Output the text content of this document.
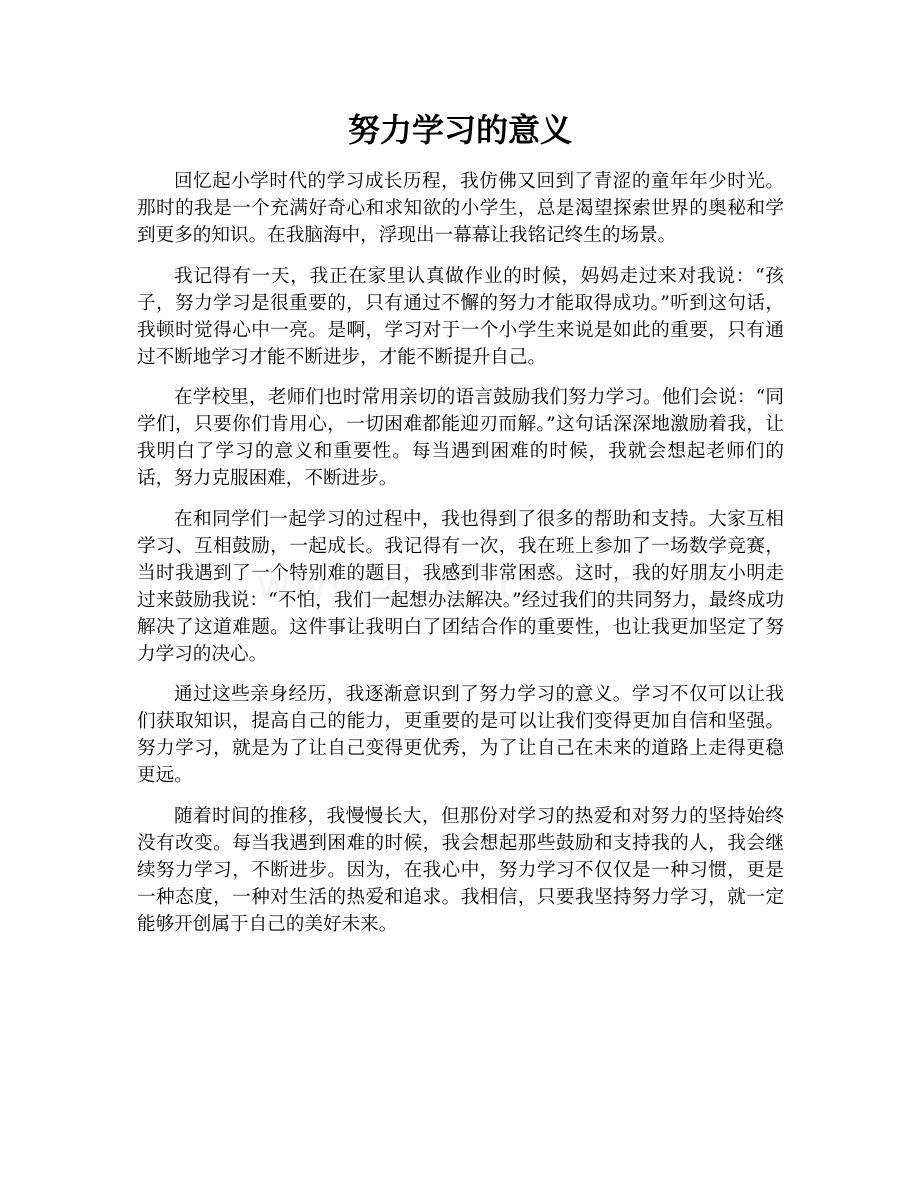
努力学习的意义

回忆起小学时代的学习成长历程，我仿佛又回到了青涩的童年年少时光。那时的我是一个充满好奇心和求知欲的小学生，总是渴望探索世界的奥秘和学到更多的知识。在我脑海中，浮现出一幕幕让我铭记终生的场景。

我记得有一天，我正在家里认真做作业的时候，妈妈走过来对我说：“孩子，努力学习是很重要的，只有通过不懈的努力才能取得成功。”听到这句话，我顿时觉得心中一亮。是啊，学习对于一个小学生来说是如此的重要，只有通过不断地学习才能不断进步，才能不断提升自己。

在学校里，老师们也时常用亲切的语言鼓励我们努力学习。他们会说：“同学们，只要你们肯用心，一切困难都能迎刃而解。”这句话深深地激励着我，让我明白了学习的意义和重要性。每当遇到困难的时候，我就会想起老师们的话，努力克服困难，不断进步。

在和同学们一起学习的过程中，我也得到了很多的帮助和支持。大家互相学习、互相鼓励，一起成长。我记得有一次，我在班上参加了一场数学竞赛，当时我遇到了一个特别难的题目，我感到非常困惑。这时，我的好朋友小明走过来鼓励我说：“不怕，我们一起想办法解决。”经过我们的共同努力，最终成功解决了这道难题。这件事让我明白了团结合作的重要性，也让我更加坚定了努力学习的决心。

通过这些亲身经历，我逐渐意识到了努力学习的意义。学习不仅可以让我们获取知识，提高自己的能力，更重要的是可以让我们变得更加自信和坚强。努力学习，就是为了让自己变得更优秀，为了让自己在未来的道路上走得更稳更远。

随着时间的推移，我慢慢长大，但那份对学习的热爱和对努力的坚持始终没有改变。每当我遇到困难的时候，我会想起那些鼓励和支持我的人，我会继续努力学习，不断进步。因为，在我心中，努力学习不仅仅是一种习惯，更是一种态度，一种对生活的热爱和追求。我相信，只要我坚持努力学习，就一定能够开创属于自己的美好未来。
